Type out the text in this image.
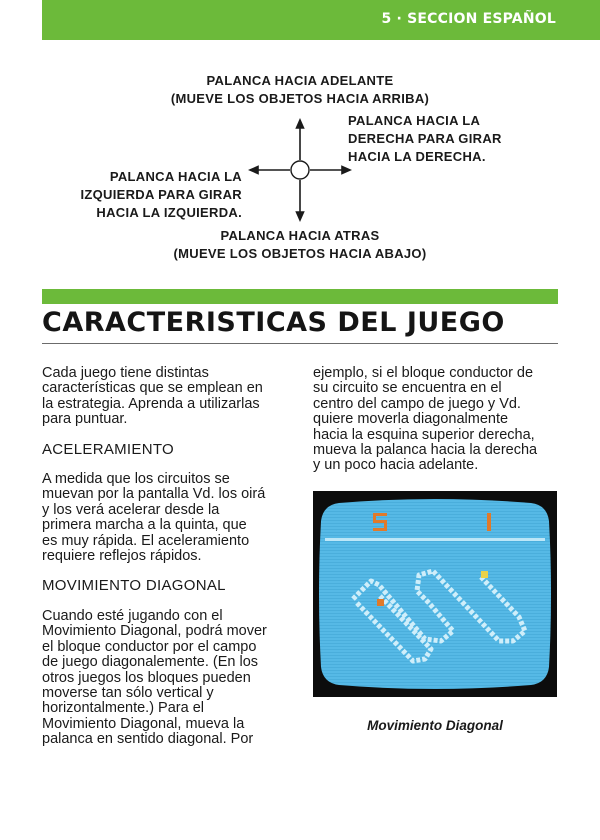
5 · SECCION ESPAÑOL
PALANCA HACIA ADELANTE
(MUEVE LOS OBJETOS HACIA ARRIBA)
PALANCA HACIA LA
DERECHA PARA GIRAR
HACIA LA DERECHA.
PALANCA HACIA LA
IZQUIERDA PARA GIRAR
HACIA LA IZQUIERDA.
PALANCA HACIA ATRAS
(MUEVE LOS OBJETOS HACIA ABAJO)
CARACTERISTICAS DEL JUEGO

Cada juego tiene distintas
características que se emplean en
la estrategia. Aprenda a utilizarlas
para puntuar.

ACELERAMIENTO

A medida que los circuitos se
muevan por la pantalla Vd. los oirá
y los verá acelerar desde la
primera marcha a la quinta, que
es muy rápida. El aceleramiento
requiere reflejos rápidos.

MOVIMIENTO DIAGONAL

Cuando esté jugando con el
Movimiento Diagonal, podrá mover
el bloque conductor por el campo
de juego diagonalemente. (En los
otros juegos los bloques pueden
moverse tan sólo vertical y
horizontalmente.) Para el
Movimiento Diagonal, mueva la
palanca en sentido diagonal. Por

ejemplo, si el bloque conductor de
su circuito se encuentra en el
centro del campo de juego y Vd.
quiere moverla diagonalmente
hacia la esquina superior derecha,
mueva la palanca hacia la derecha
y un poco hacia adelante.

Movimiento Diagonal
